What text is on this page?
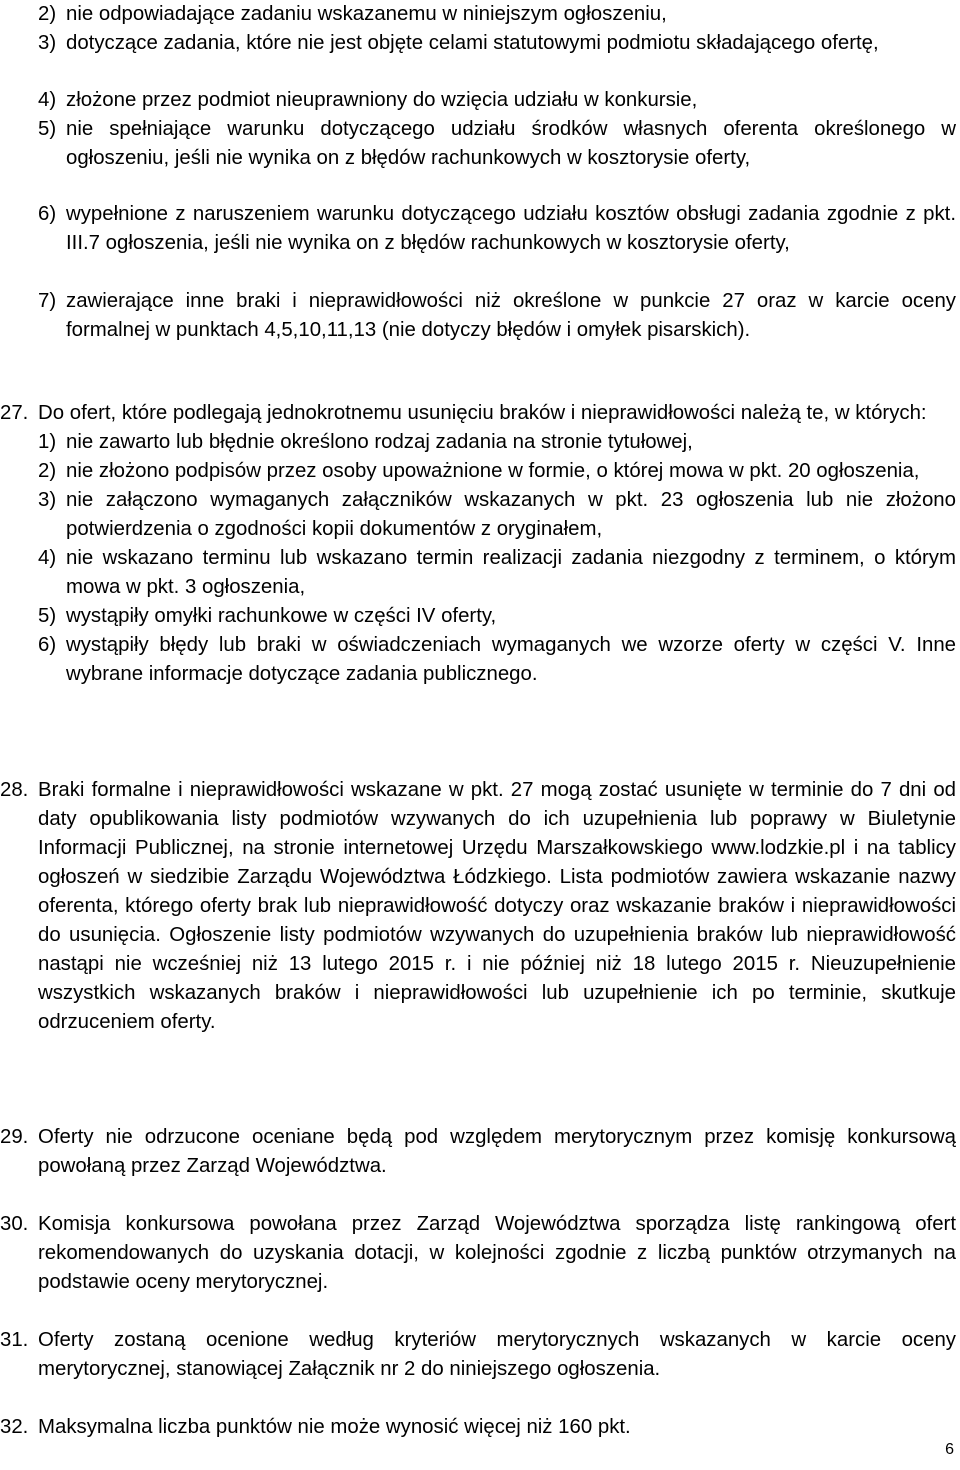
2) nie odpowiadające zadaniu wskazanemu w niniejszym ogłoszeniu,

3) dotyczące zadania, które nie jest objęte celami statutowymi podmiotu składającego ofertę,

4) złożone przez podmiot nieuprawniony do wzięcia udziału w konkursie,

5) nie spełniające warunku dotyczącego udziału środków własnych oferenta określonego w ogłoszeniu, jeśli nie wynika on z błędów rachunkowych w kosztorysie oferty,

6) wypełnione z naruszeniem warunku dotyczącego udziału kosztów obsługi zadania zgodnie z pkt. III.7 ogłoszenia, jeśli nie wynika on z błędów rachunkowych w kosztorysie oferty,

7) zawierające inne braki i nieprawidłowości niż określone w punkcie 27 oraz w karcie oceny formalnej w punktach 4,5,10,11,13 (nie dotyczy błędów i omyłek pisarskich).

27. Do ofert, które podlegają jednokrotnemu usunięciu braków i nieprawidłowości należą te, w których:

1) nie zawarto lub błędnie określono rodzaj zadania na stronie tytułowej,

2) nie złożono podpisów przez osoby upoważnione w formie, o której mowa w pkt. 20 ogłoszenia,

3) nie załączono wymaganych załączników wskazanych w pkt. 23 ogłoszenia lub nie złożono potwierdzenia o zgodności kopii dokumentów z oryginałem,

4) nie wskazano terminu lub wskazano termin realizacji zadania niezgodny z terminem, o którym mowa w pkt. 3 ogłoszenia,

5) wystąpiły omyłki rachunkowe w części IV oferty,

6) wystąpiły błędy lub braki w oświadczeniach wymaganych we wzorze oferty w części V. Inne wybrane informacje dotyczące zadania publicznego.

28. Braki formalne i nieprawidłowości wskazane w pkt. 27 mogą zostać usunięte w terminie do 7 dni od daty opublikowania listy podmiotów wzywanych do ich uzupełnienia lub poprawy w Biuletynie Informacji Publicznej, na stronie internetowej Urzędu Marszałkowskiego www.lodzkie.pl i na tablicy ogłoszeń w siedzibie Zarządu Województwa Łódzkiego. Lista podmiotów zawiera wskazanie nazwy oferenta, którego oferty brak lub nieprawidłowość dotyczy oraz wskazanie braków i nieprawidłowości do usunięcia. Ogłoszenie listy podmiotów wzywanych do uzupełnienia braków lub nieprawidłowość nastąpi nie wcześniej niż 13 lutego 2015 r. i nie później niż 18 lutego 2015 r. Nieuzupełnienie wszystkich wskazanych braków i nieprawidłowości lub uzupełnienie ich po terminie, skutkuje odrzuceniem oferty.

29. Oferty nie odrzucone oceniane będą pod względem merytorycznym przez komisję konkursową powołaną przez Zarząd Województwa.

30. Komisja konkursowa powołana przez Zarząd Województwa sporządza listę rankingową ofert rekomendowanych do uzyskania dotacji, w kolejności zgodnie z liczbą punktów otrzymanych na podstawie oceny merytorycznej.

31. Oferty zostaną ocenione według kryteriów merytorycznych wskazanych w karcie oceny merytorycznej, stanowiącej Załącznik nr 2 do niniejszego ogłoszenia.

32. Maksymalna liczba punktów nie może wynosić więcej niż 160 pkt.

6
